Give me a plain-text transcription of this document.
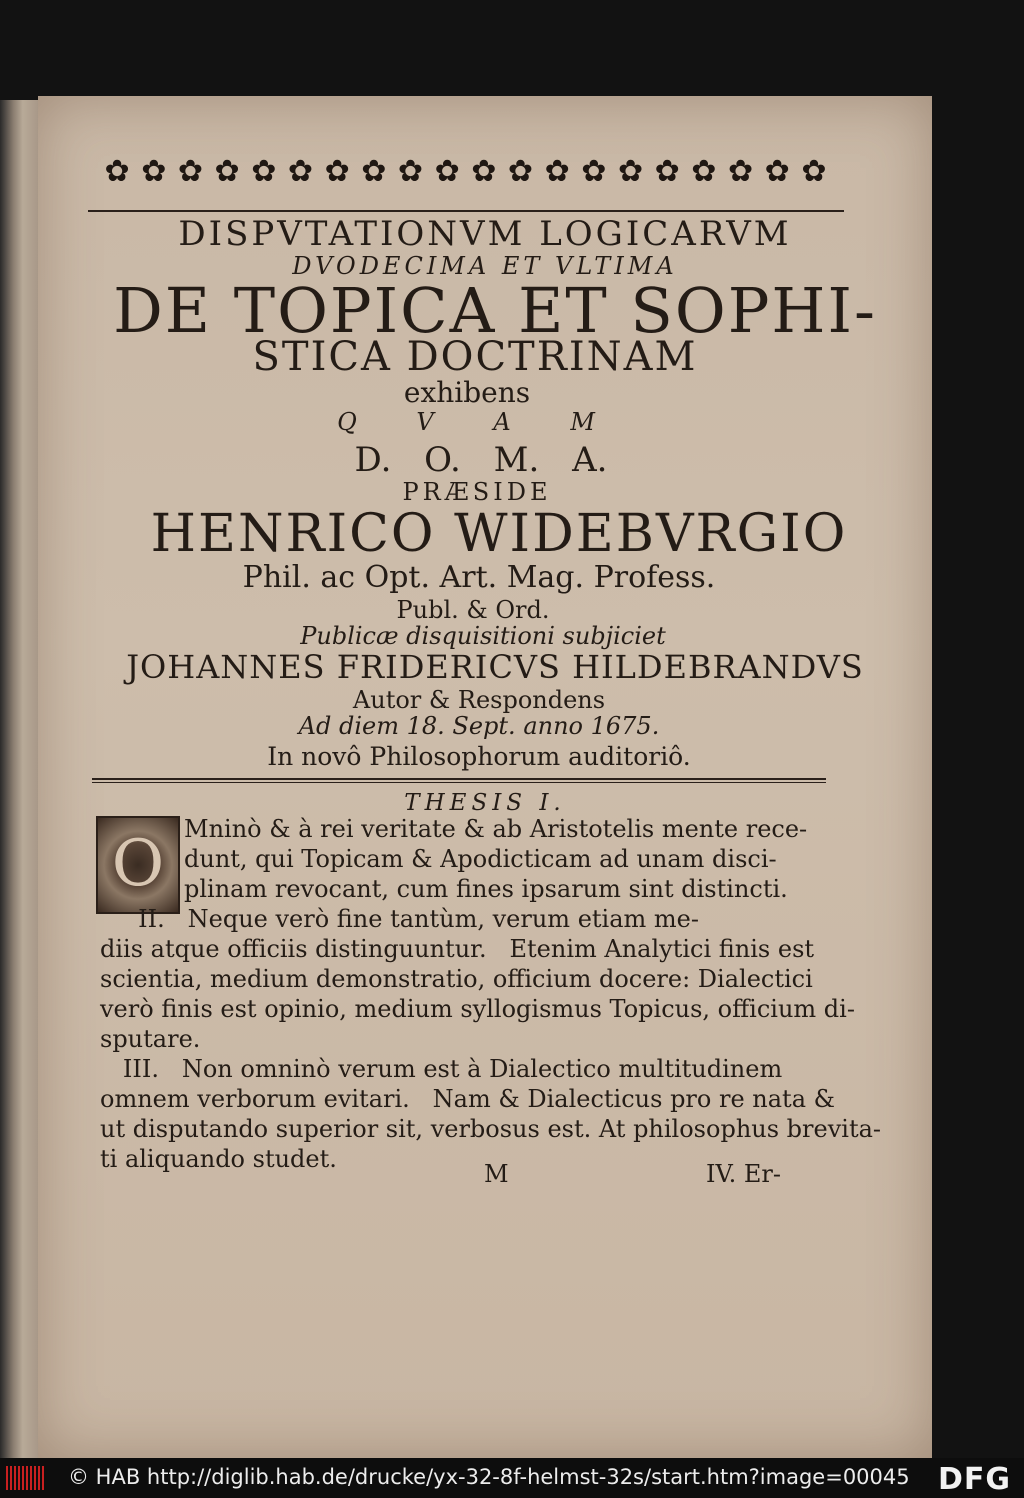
✿ ✿ ✿ ✿ ✿ ✿ ✿ ✿ ✿ ✿ ✿ ✿ ✿ ✿ ✿ ✿ ✿ ✿ ✿ ✿
DISPVTATIONVM LOGICARVM
DVODECIMA ET VLTIMA
DE TOPICA ET SOPHI-
STICA DOCTRINAM
exhibens
Q V A M
D. O. M. A.
PRÆSIDE
HENRICO WIDEBVRGIO
Phil. ac Opt. Art. Mag. Profess.
Publ. & Ord.
Publicæ disquisitioni subjiciet
JOHANNES FRIDERICVS HILDEBRANDVS
Autor & Respondens
Ad diem 18. Sept. anno 1675.
In novô Philosophorum auditoriô.
THESIS I.
O Mninò & à rei veritate & ab Aristotelis mente rece-
dunt, qui Topicam & Apodicticam ad unam disci-
plinam revocant, cum fines ipsarum sint distincti.
II.   Neque verò fine tantùm, verum etiam me-
diis atque officiis distinguuntur.   Etenim Analytici finis est
scientia, medium demonstratio, officium docere: Dialectici
verò finis est opinio, medium syllogismus Topicus, officium di-
sputare.
III.   Non omninò verum est à Dialectico multitudinem
omnem verborum evitari.   Nam & Dialecticus pro re nata &
ut disputando superior sit, verbosus est. At philosophus brevita-
ti aliquando studet.
M	IV. Er-
© HAB http://diglib.hab.de/drucke/yx-32-8f-helmst-32s/start.htm?image=00045 DFG
